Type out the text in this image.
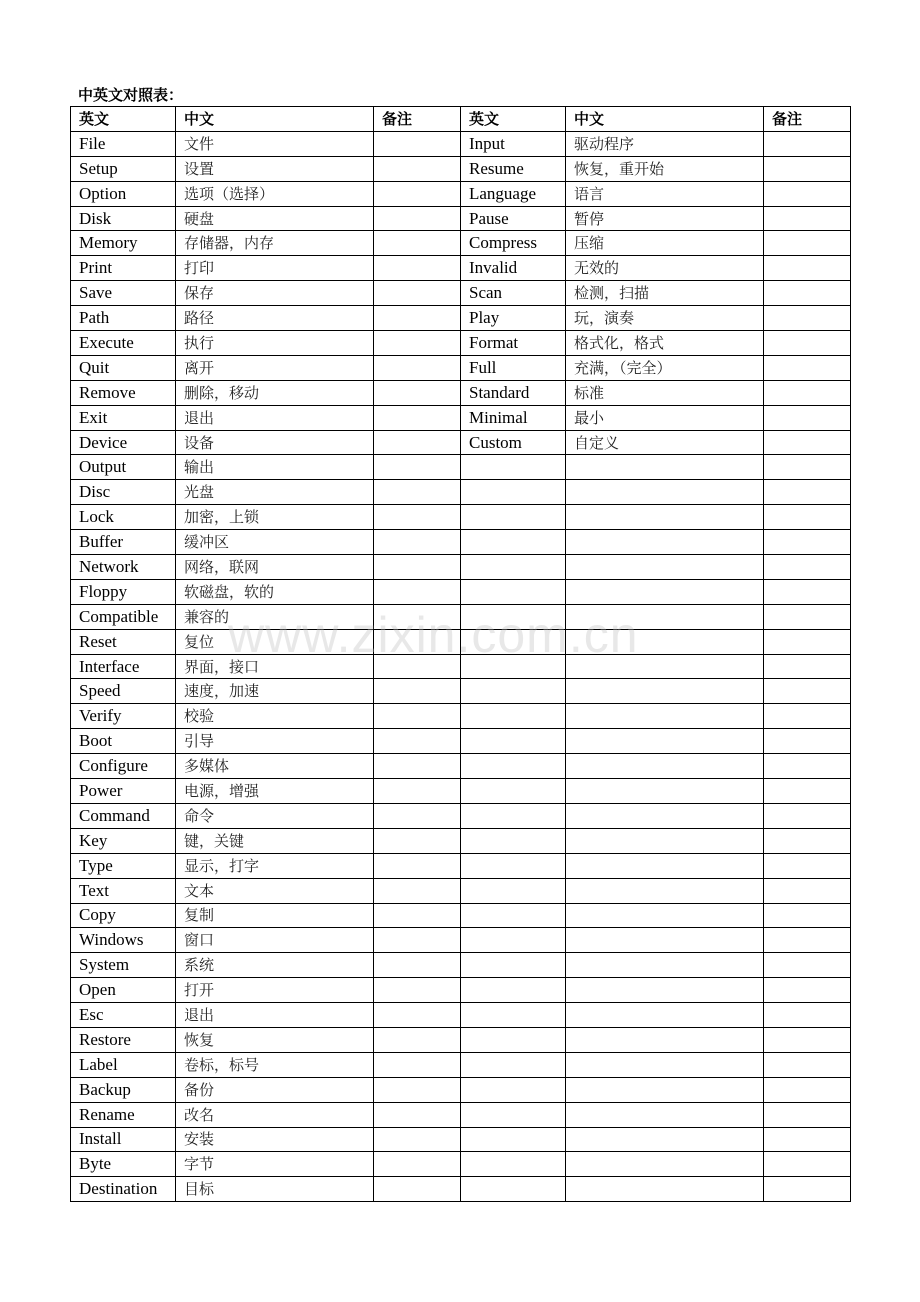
中英文对照表：
英文	中文	备注	英文	中文	备注
File	文件		Input	驱动程序	
Setup	设置		Resume	恢复，重开始	
Option	选项（选择）		Language	语言	
Disk	硬盘		Pause	暂停	
Memory	存储器，内存		Compress	压缩	
Print	打印		Invalid	无效的	
Save	保存		Scan	检测，扫描	
Path	路径		Play	玩，演奏	
Execute	执行		Format	格式化，格式	
Quit	离开		Full	充满，（完全）	
Remove	删除，移动		Standard	标准	
Exit	退出		Minimal	最小	
Device	设备		Custom	自定义	
Output	输出				
Disc	光盘				
Lock	加密，上锁				
Buffer	缓冲区				
Network	网络，联网				
Floppy	软磁盘，软的				
Compatible	兼容的				
Reset	复位				
Interface	界面，接口				
Speed	速度，加速				
Verify	校验				
Boot	引导				
Configure	多媒体				
Power	电源，增强				
Command	命令				
Key	键，关键				
Type	显示，打字				
Text	文本				
Copy	复制				
Windows	窗口				
System	系统				
Open	打开				
Esc	退出				
Restore	恢复				
Label	卷标，标号				
Backup	备份				
Rename	改名				
Install	安装				
Byte	字节				
Destination	目标				
www.zixin.com.cn
